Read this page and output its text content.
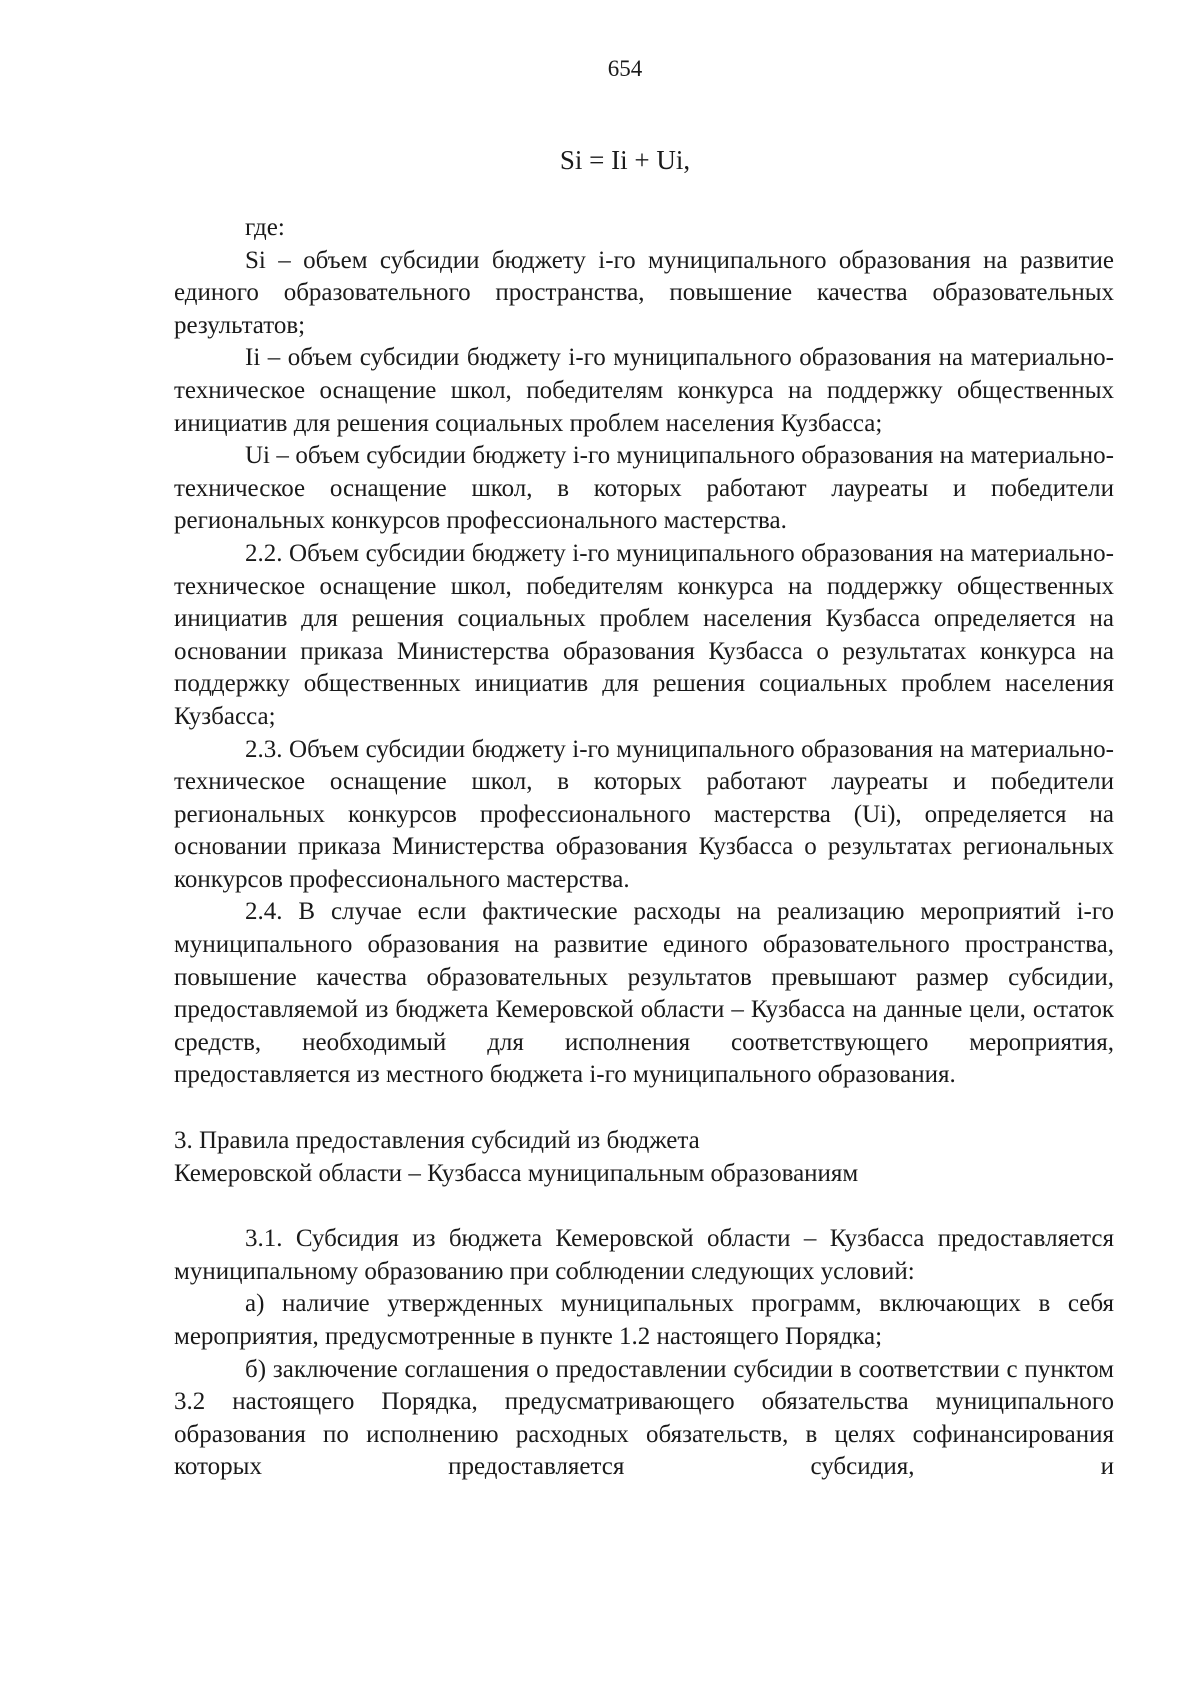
654
Si = Ii + Ui,

где:

Si – объем субсидии бюджету i-го муниципального образования на развитие единого образовательного пространства, повышение качества образовательных результатов;

Ii – объем субсидии бюджету i-го муниципального образования на материально-техническое оснащение школ, победителям конкурса на поддержку общественных инициатив для решения социальных проблем населения Кузбасса;

Ui – объем субсидии бюджету i-го муниципального образования на материально-техническое оснащение школ, в которых работают лауреаты и победители региональных конкурсов профессионального мастерства.

2.2. Объем субсидии бюджету i-го муниципального образования на материально-техническое оснащение школ, победителям конкурса на поддержку общественных инициатив для решения социальных проблем населения Кузбасса определяется на основании приказа Министерства образования Кузбасса о результатах конкурса на поддержку общественных инициатив для решения социальных проблем населения Кузбасса;

2.3. Объем субсидии бюджету i-го муниципального образования на материально-техническое оснащение школ, в которых работают лауреаты и победители региональных конкурсов профессионального мастерства (Ui), определяется на основании приказа Министерства образования Кузбасса о результатах региональных конкурсов профессионального мастерства.

2.4. В случае если фактические расходы на реализацию мероприятий i-го муниципального образования на развитие единого образовательного пространства, повышение качества образовательных результатов превышают размер субсидии, предоставляемой из бюджета Кемеровской области – Кузбасса на данные цели, остаток средств, необходимый для исполнения соответствующего мероприятия, предоставляется из местного бюджета i-го муниципального образования.

3. Правила предоставления субсидий из бюджета
Кемеровской области – Кузбасса муниципальным образованиям

3.1. Субсидия из бюджета Кемеровской области – Кузбасса предоставляется муниципальному образованию при соблюдении следующих условий:

а) наличие утвержденных муниципальных программ, включающих в себя мероприятия, предусмотренные в пункте 1.2 настоящего Порядка;

б) заключение соглашения о предоставлении субсидии в соответствии с пунктом 3.2 настоящего Порядка, предусматривающего обязательства муниципального образования по исполнению расходных обязательств, в целях софинансирования которых предоставляется субсидия, и
